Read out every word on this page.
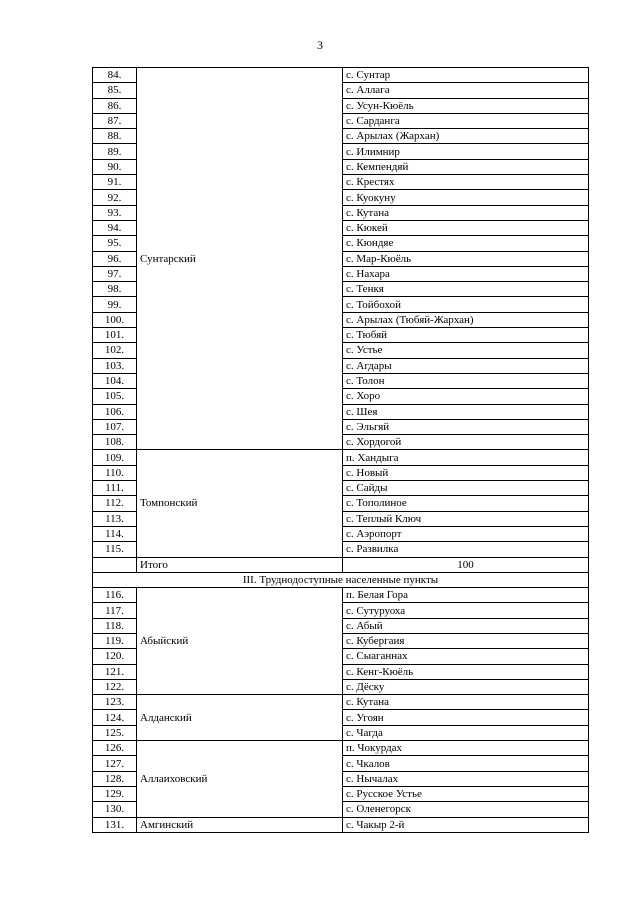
3
84.	Сунтарский	с. Сунтар
85.		с. Аллага
86.		с. Усун-Кюёль
87.		с. Сарданга
88.		с. Арылах (Жархан)
89.		с. Илимнир
90.		с. Кемпендяй
91.		с. Крестях
92.		с. Куокуну
93.		с. Кутана
94.		с. Кюкей
95.		с. Кюндяе
96.		с. Мар-Кюёль
97.		с. Нахара
98.		с. Тенкя
99.		с. Тойбохой
100.		с. Арылах (Тюбяй-Жархан)
101.		с. Тюбяй
102.		с. Устье
103.		с. Агдары
104.		с. Толон
105.		с. Хоро
106.		с. Шея
107.		с. Эльгяй
108.		с. Хордогой
109.	Томпонский	п. Хандыга
110.		с. Новый
111.		с. Сайды
112.		с. Тополиное
113.		с. Теплый Ключ
114.		с. Аэропорт
115.		с. Развилка
	Итого	100
III. Труднодоступные населенные пункты		
116.	Абыйский	п. Белая Гора
117.		с. Сутуруоха
118.		с. Абый
119.		с. Кубергаия
120.		с. Сыаганнах
121.		с. Кенг-Кюёль
122.		с. Дёску
123.	Алданский	с. Кутана
124.		с. Угоян
125.		с. Чагда
126.	Аллаиховский	п. Чокурдах
127.		с. Чкалов
128.		с. Нычалах
129.		с. Русское Устье
130.		с. Оленегорск
131.	Амгинский	с. Чакыр 2-й
